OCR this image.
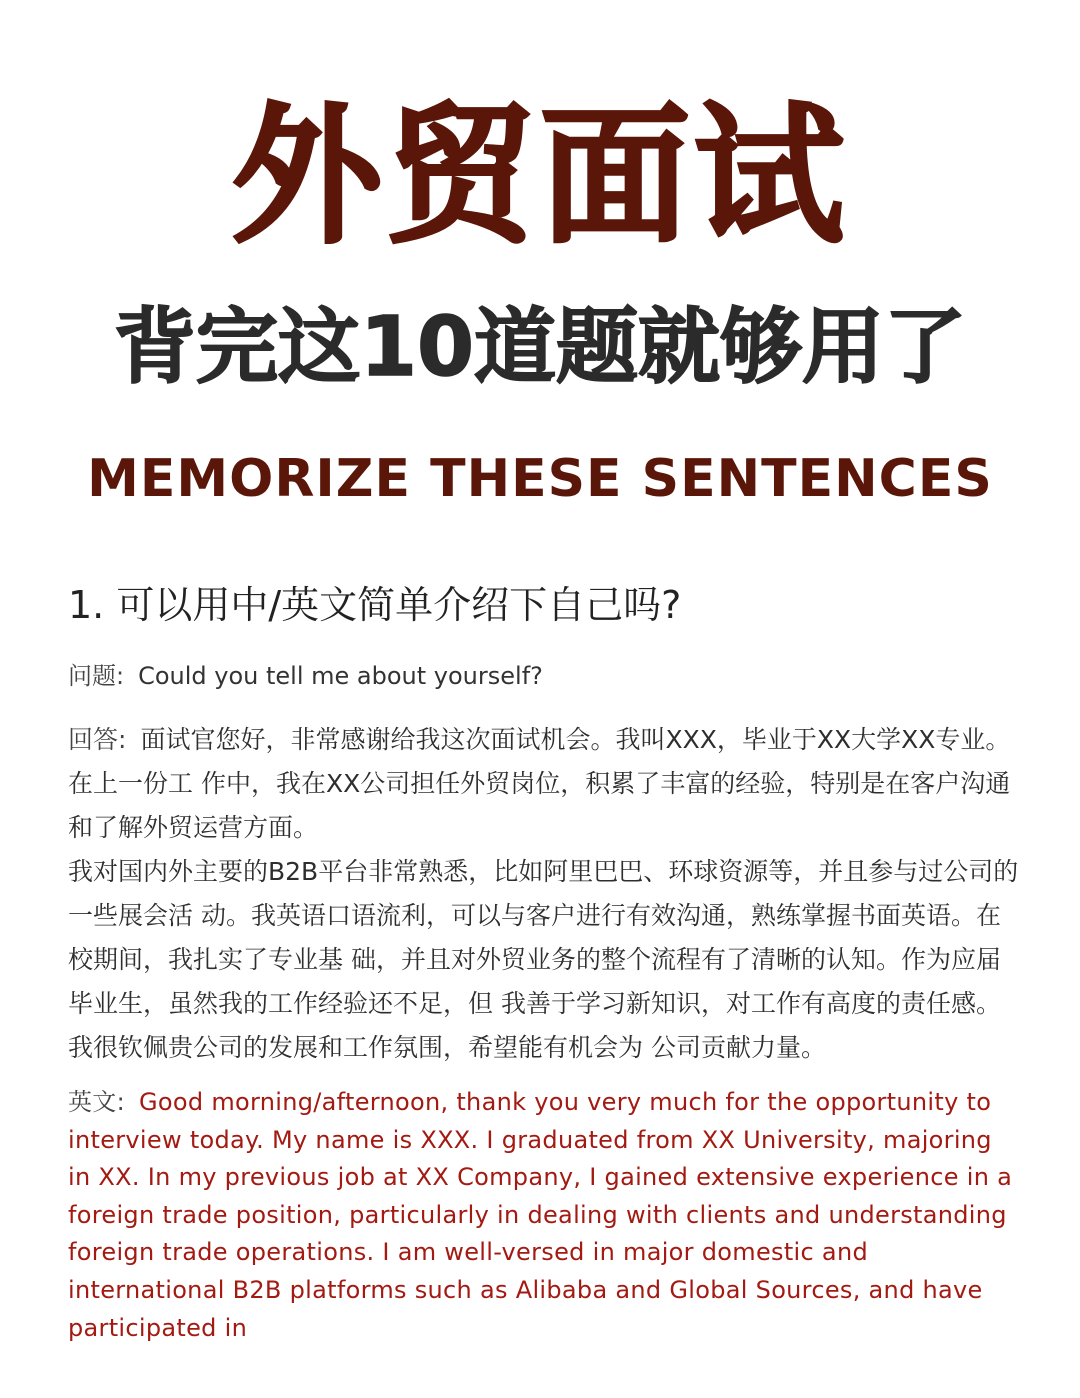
外贸面试
背完这10道题就够用了
MEMORIZE THESE SENTENCES
1. 可以用中/英文简单介绍下自己吗?
问题: Could you tell me about yourself?

回答: 面试官您好，非常感谢给我这次面试机会。我叫XXX，毕业于XX大学XX专业。在上一份工 作中，我在XX公司担任外贸岗位，积累了丰富的经验，特别是在客户沟通和了解外贸运营方面。

我对国内外主要的B2B平台非常熟悉，比如阿里巴巴、环球资源等，并且参与过公司的一些展会活 动。我英语口语流利，可以与客户进行有效沟通，熟练掌握书面英语。在校期间，我扎实了专业基 础，并且对外贸业务的整个流程有了清晰的认知。作为应届毕业生，虽然我的工作经验还不足，但 我善于学习新知识，对工作有高度的责任感。我很钦佩贵公司的发展和工作氛围，希望能有机会为 公司贡献力量。

英文: Good morning/afternoon, thank you very much for the opportunity to interview today. My name is XXX. I graduated from XX University, majoring in XX. In my previous job at XX Company, I gained extensive experience in a foreign trade position, particularly in dealing with clients and understanding foreign trade operations. I am well-versed in major domestic and international B2B platforms such as Alibaba and Global Sources, and have participated in
